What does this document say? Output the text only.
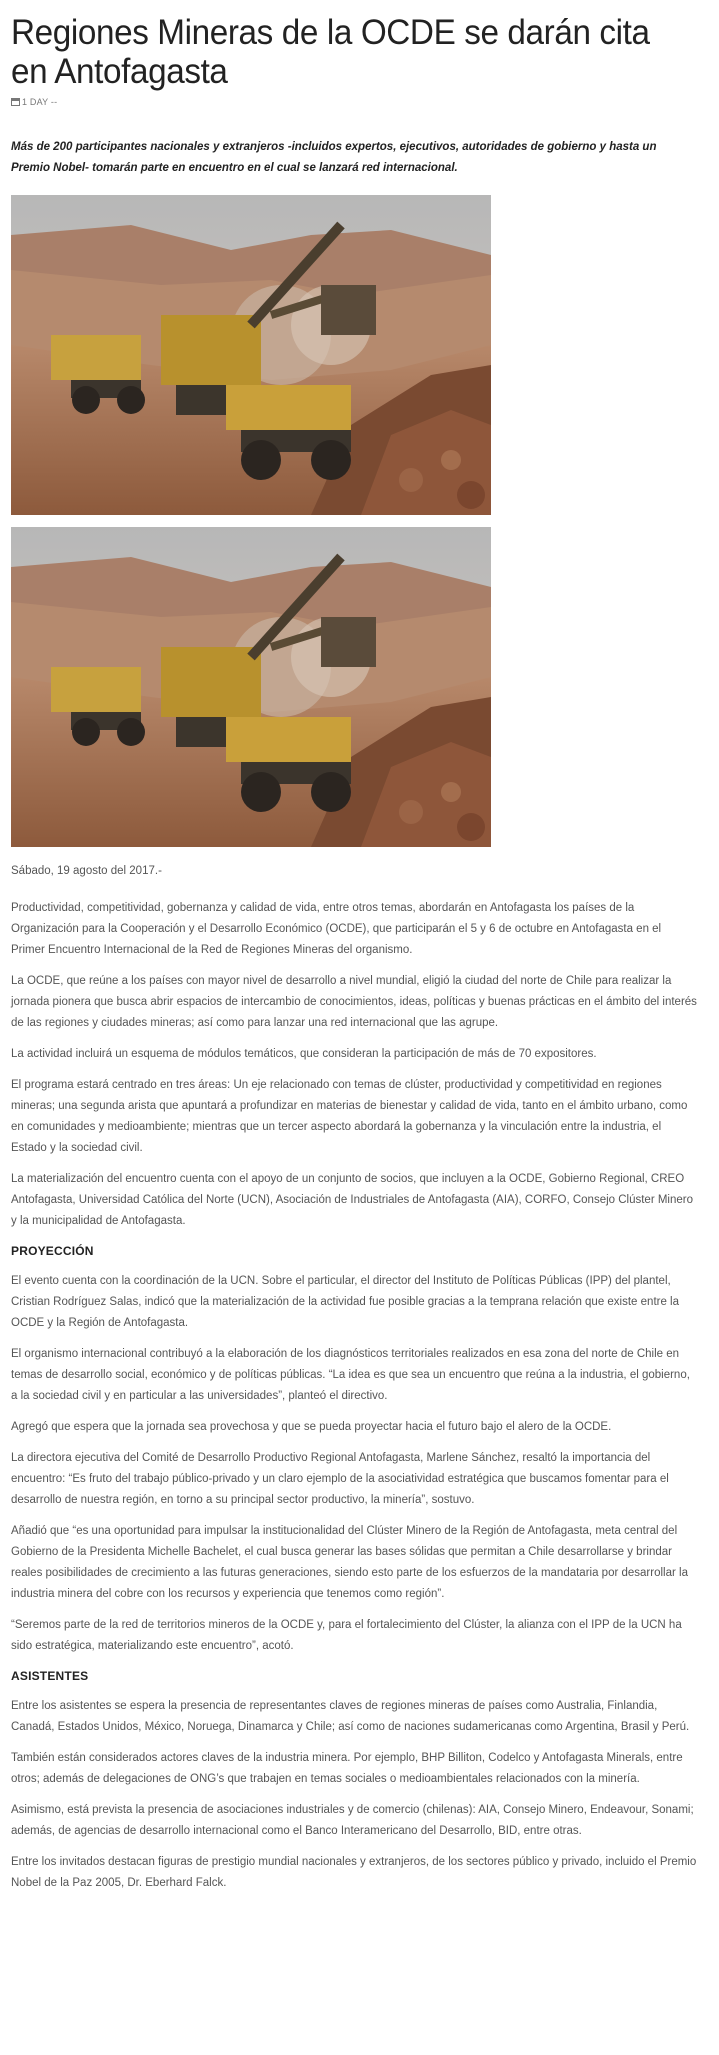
Regiones Mineras de la OCDE se darán cita en Antofagasta
1 DAY --

Más de 200 participantes nacionales y extranjeros -incluidos expertos, ejecutivos, autoridades de gobierno y hasta un Premio Nobel- tomarán parte en encuentro en el cual se lanzará red internacional.

Sábado, 19 agosto del 2017.-

Productividad, competitividad, gobernanza y calidad de vida, entre otros temas, abordarán en Antofagasta los países de la Organización para la Cooperación y el Desarrollo Económico (OCDE), que participarán el 5 y 6 de octubre en Antofagasta en el Primer Encuentro Internacional de la Red de Regiones Mineras del organismo.

La OCDE, que reúne a los países con mayor nivel de desarrollo a nivel mundial, eligió la ciudad del norte de Chile para realizar la jornada pionera que busca abrir espacios de intercambio de conocimientos, ideas, políticas y buenas prácticas en el ámbito del interés de las regiones y ciudades mineras; así como para lanzar una red internacional que las agrupe.

La actividad incluirá un esquema de módulos temáticos, que consideran la participación de más de 70 expositores.

El programa estará centrado en tres áreas: Un eje relacionado con temas de clúster, productividad y competitividad en regiones mineras; una segunda arista que apuntará a profundizar en materias de bienestar y calidad de vida, tanto en el ámbito urbano, como en comunidades y medioambiente; mientras que un tercer aspecto abordará la gobernanza y la vinculación entre la industria, el Estado y la sociedad civil.

La materialización del encuentro cuenta con el apoyo de un conjunto de socios, que incluyen a la OCDE, Gobierno Regional, CREO Antofagasta, Universidad Católica del Norte (UCN), Asociación de Industriales de Antofagasta (AIA), CORFO, Consejo Clúster Minero y la municipalidad de Antofagasta.

PROYECCIÓN

El evento cuenta con la coordinación de la UCN. Sobre el particular, el director del Instituto de Políticas Públicas (IPP) del plantel, Cristian Rodríguez Salas, indicó que la materialización de la actividad fue posible gracias a la temprana relación que existe entre la OCDE y la Región de Antofagasta.

El organismo internacional contribuyó a la elaboración de los diagnósticos territoriales realizados en esa zona del norte de Chile en temas de desarrollo social, económico y de políticas públicas. “La idea es que sea un encuentro que reúna a la industria, el gobierno, a la sociedad civil y en particular a las universidades”, planteó el directivo.

Agregó que espera que la jornada sea provechosa y que se pueda proyectar hacia el futuro bajo el alero de la OCDE.

La directora ejecutiva del Comité de Desarrollo Productivo Regional Antofagasta, Marlene Sánchez, resaltó la importancia del encuentro: “Es fruto del trabajo público-privado y un claro ejemplo de la asociatividad estratégica que buscamos fomentar para el desarrollo de nuestra región, en torno a su principal sector productivo, la minería”, sostuvo.

Añadió que “es una oportunidad para impulsar la institucionalidad del Clúster Minero de la Región de Antofagasta, meta central del Gobierno de la Presidenta Michelle Bachelet, el cual busca generar las bases sólidas que permitan a Chile desarrollarse y brindar reales posibilidades de crecimiento a las futuras generaciones, siendo esto parte de los esfuerzos de la mandataria por desarrollar la industria minera del cobre con los recursos y experiencia que tenemos como región”.

“Seremos parte de la red de territorios mineros de la OCDE y, para el fortalecimiento del Clúster, la alianza con el IPP de la UCN ha sido estratégica, materializando este encuentro”, acotó.

ASISTENTES

Entre los asistentes se espera la presencia de representantes claves de regiones mineras de países como Australia, Finlandia, Canadá, Estados Unidos, México, Noruega, Dinamarca y Chile; así como de naciones sudamericanas como Argentina, Brasil y Perú.

También están considerados actores claves de la industria minera. Por ejemplo, BHP Billiton, Codelco y Antofagasta Minerals, entre otros; además de delegaciones de ONG’s que trabajen en temas sociales o medioambientales relacionados con la minería.

Asimismo, está prevista la presencia de asociaciones industriales y de comercio (chilenas): AIA, Consejo Minero, Endeavour, Sonami; además, de agencias de desarrollo internacional como el Banco Interamericano del Desarrollo, BID, entre otras.

Entre los invitados destacan figuras de prestigio mundial nacionales y extranjeros, de los sectores público y privado, incluido el Premio Nobel de la Paz 2005, Dr. Eberhard Falck.
